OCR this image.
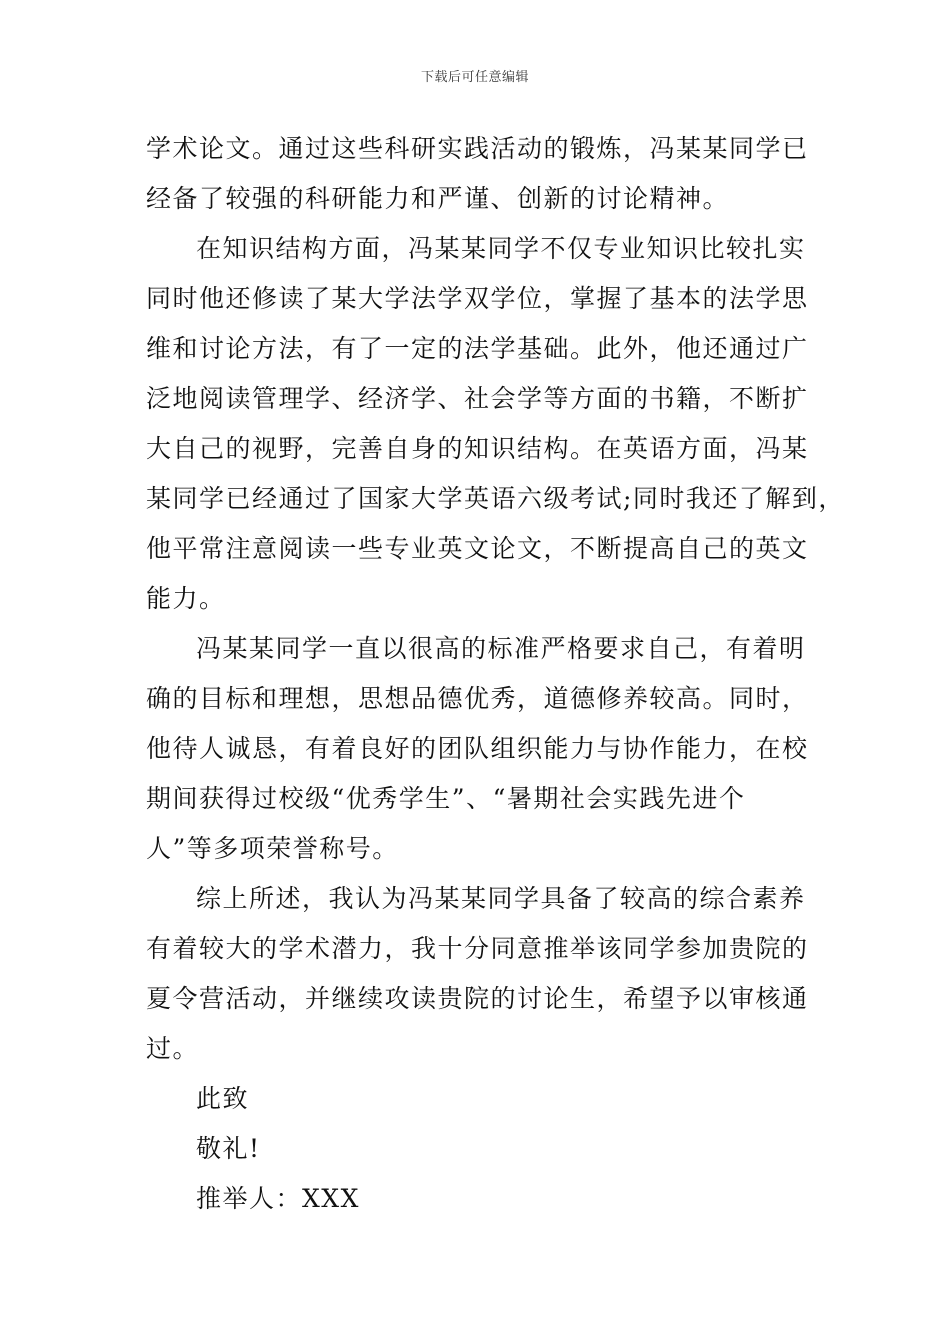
下载后可任意编辑
学术论文。通过这些科研实践活动的锻炼，冯某某同学已
经备了较强的科研能力和严谨、创新的讨论精神。
在知识结构方面，冯某某同学不仅专业知识比较扎实
同时他还修读了某大学法学双学位，掌握了基本的法学思
维和讨论方法，有了一定的法学基础。此外，他还通过广
泛地阅读管理学、经济学、社会学等方面的书籍，不断扩
大自己的视野，完善自身的知识结构。在英语方面，冯某
某同学已经通过了国家大学英语六级考试;同时我还了解到，
他平常注意阅读一些专业英文论文，不断提高自己的英文
能力。
冯某某同学一直以很高的标准严格要求自己，有着明
确的目标和理想，思想品德优秀，道德修养较高。同时，
他待人诚恳，有着良好的团队组织能力与协作能力，在校
期间获得过校级“优秀学生”、“暑期社会实践先进个
人”等多项荣誉称号。
综上所述，我认为冯某某同学具备了较高的综合素养
有着较大的学术潜力，我十分同意推举该同学参加贵院的
夏令营活动，并继续攻读贵院的讨论生，希望予以审核通
过。
此致
敬礼!
推举人：XXX
